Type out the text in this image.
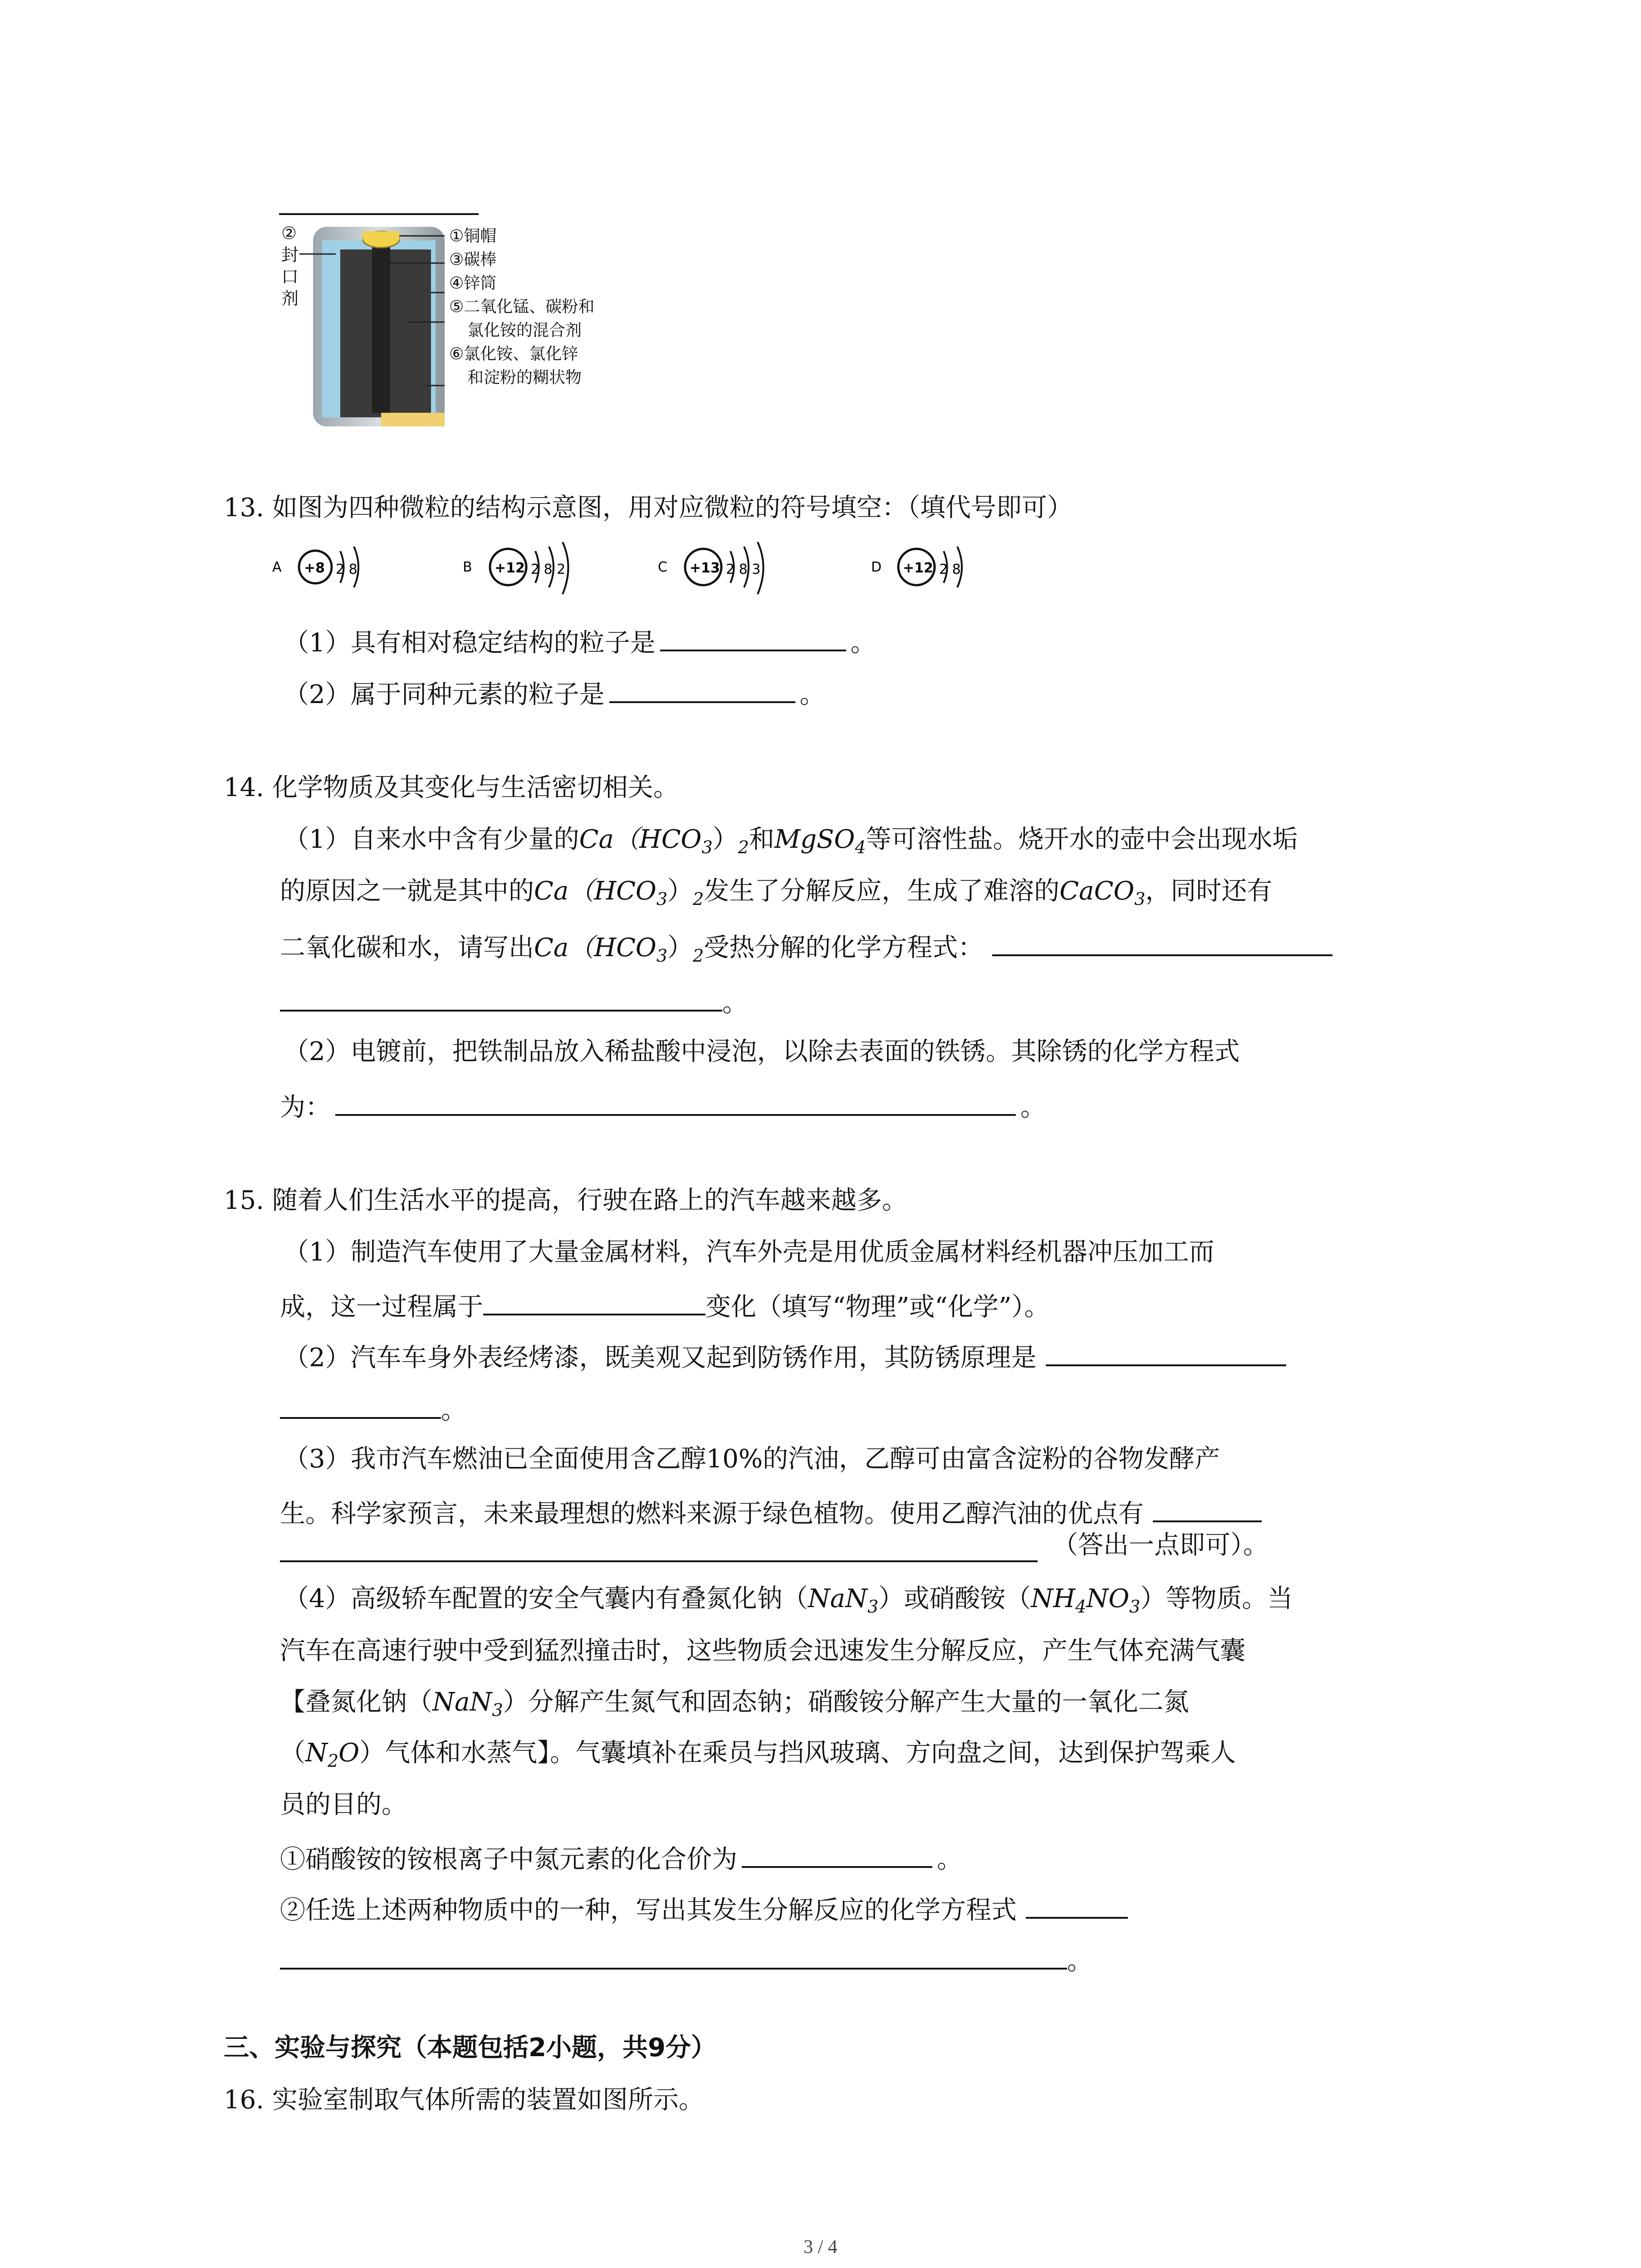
②
封
口
剂
①铜帽
③碳棒
④锌筒
⑤二氧化锰、碳粉和
氯化铵的混合剂
⑥氯化铵、氯化锌
和淀粉的糊状物
13. 如图为四种微粒的结构示意图，用对应微粒的符号填空：（填代号即可）
A +8 2 8	B +12 2 8 2	C +13 2 8 3	D +12 2 8
（1）具有相对稳定结构的粒子是	。
（2）属于同种元素的粒子是	。
14. 化学物质及其变化与生活密切相关。
（1）自来水中含有少量的$Ca(HCO_3)_2$和MgSO$_4$等可溶性盐。烧开水的壶中会出现水垢
的原因之一就是其中的$Ca(HCO_3)_2$发生了分解反应，生成了难溶的CaCO$_3$，同时还有
二氧化碳和水，请写出$Ca(HCO_3)_2$受热分解的化学方程式：
。
（2）电镀前，把铁制品放入稀盐酸中浸泡，以除去表面的铁锈。其除锈的化学方程式
为：	。
15. 随着人们生活水平的提高，行驶在路上的汽车越来越多。
（1）制造汽车使用了大量金属材料，汽车外壳是用优质金属材料经机器冲压加工而
成，这一过程属于	变化（填写“物理”或“化学”）。
（2）汽车车身外表经烤漆，既美观又起到防锈作用，其防锈原理是
。
（3）我市汽车燃油已全面使用含乙醇10%的汽油，乙醇可由富含淀粉的谷物发酵产
生。科学家预言，未来最理想的燃料来源于绿色植物。使用乙醇汽油的优点有
（答出一点即可）。
（4）高级轿车配置的安全气囊内有叠氮化钠（NaN$_3$）或硝酸铵$(NH_4NO_3)$等物质。当
汽车在高速行驶中受到猛烈撞击时，这些物质会迅速发生分解反应，产生气体充满气囊
【叠氮化钠（NaN$_3$）分解产生氮气和固态钠；硝酸铵分解产生大量的一氧化二氮
$(N_2O)$气体和水蒸气】。气囊填补在乘员与挡风玻璃、方向盘之间，达到保护驾乘人
员的目的。
①硝酸铵的铵根离子中氮元素的化合价为	。
②任选上述两种物质中的一种，写出其发生分解反应的化学方程式
。
三、实验与探究（本题包括2小题，共9分）
16. 实验室制取气体所需的装置如图所示。
3 / 4
